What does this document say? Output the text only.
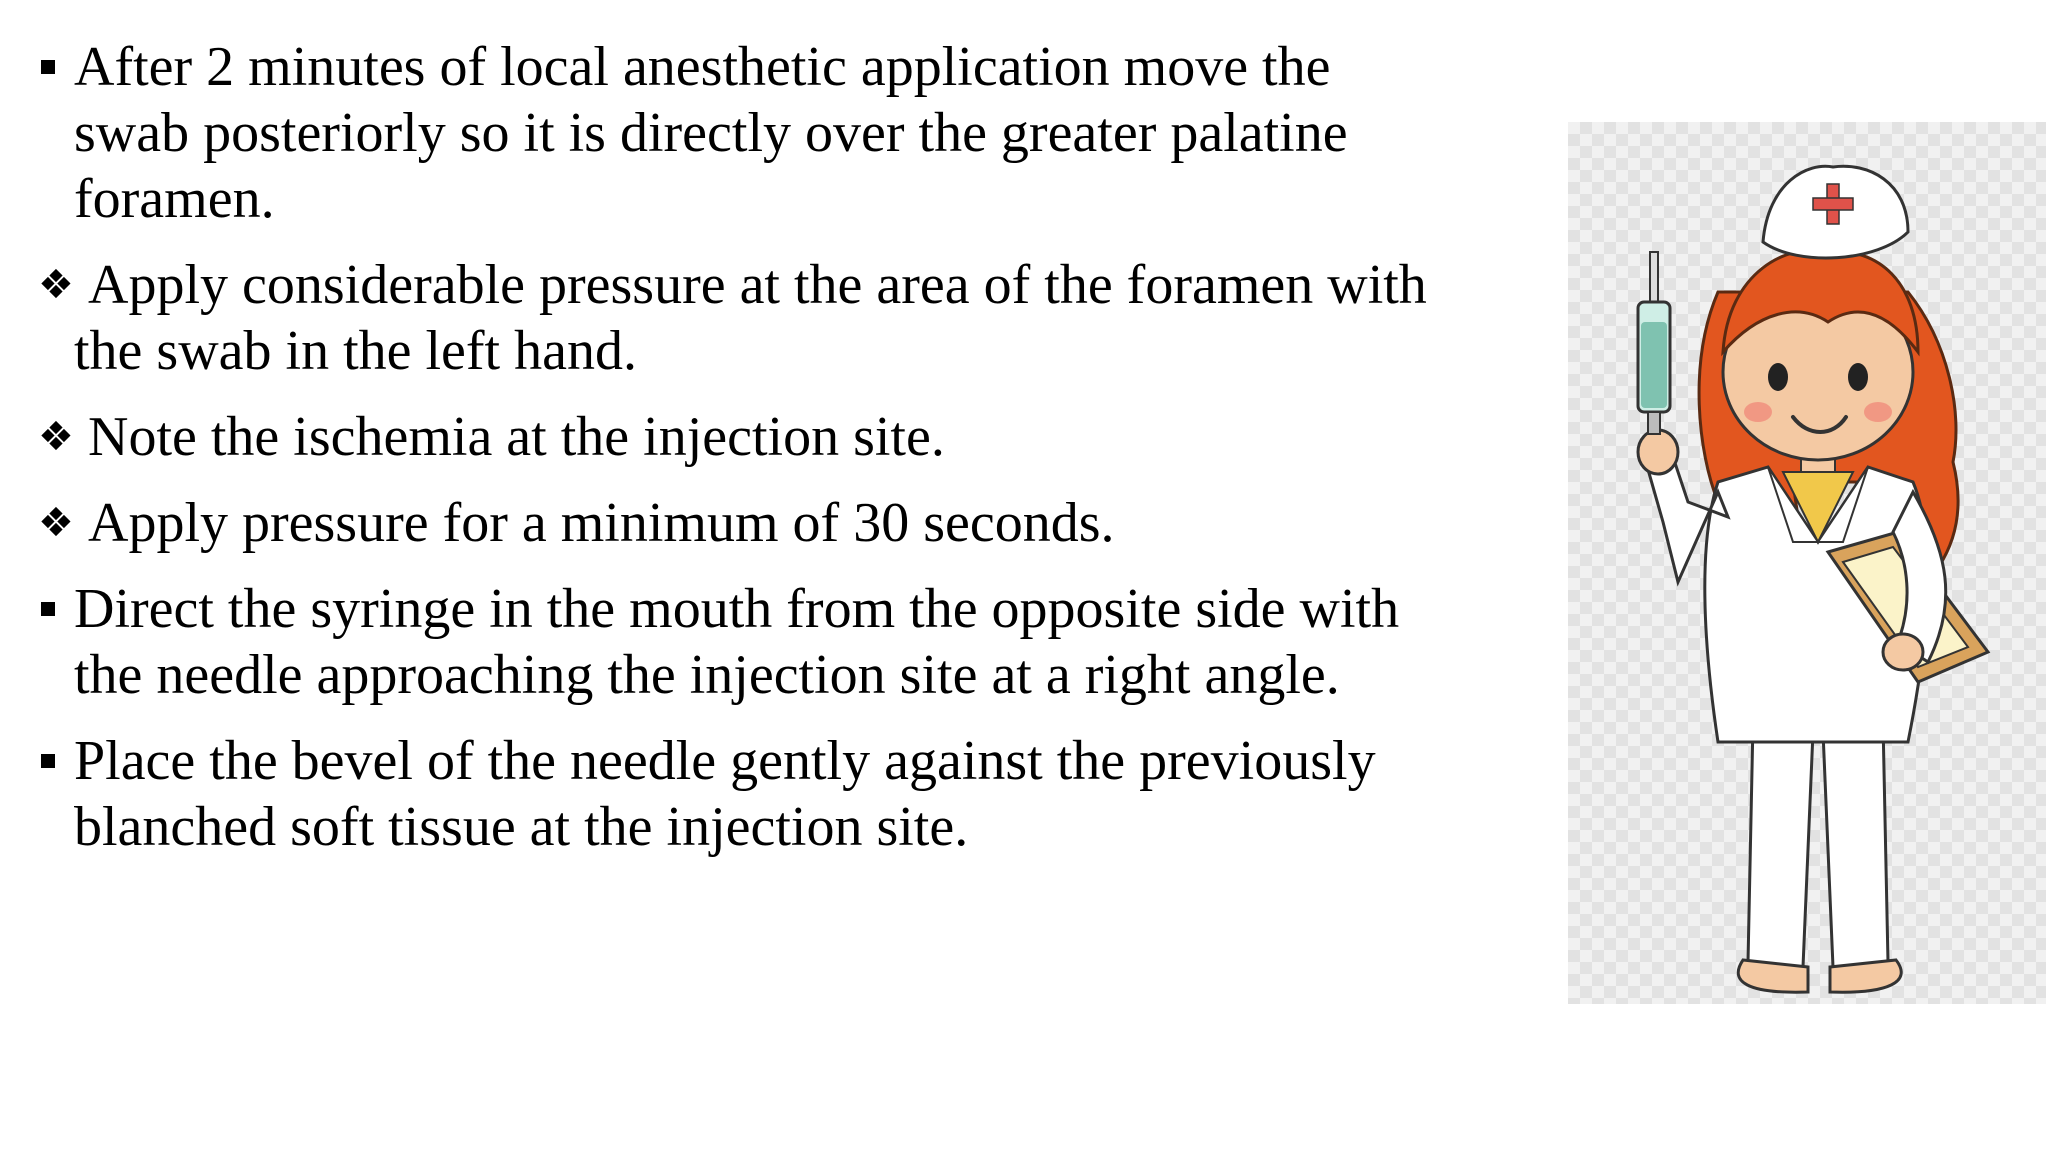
After 2 minutes of local anesthetic application move the
swab posteriorly so it is directly over the greater palatine
foramen.
❖ Apply considerable pressure at the area of the foramen with
the swab in the left hand.
❖ Note the ischemia at the injection site.
❖ Apply pressure for a minimum of 30 seconds.
Direct the syringe in the mouth from the opposite side with
the needle approaching the injection site at a right angle.
Place the bevel of the needle gently against the previously
blanched soft tissue at the injection site.
